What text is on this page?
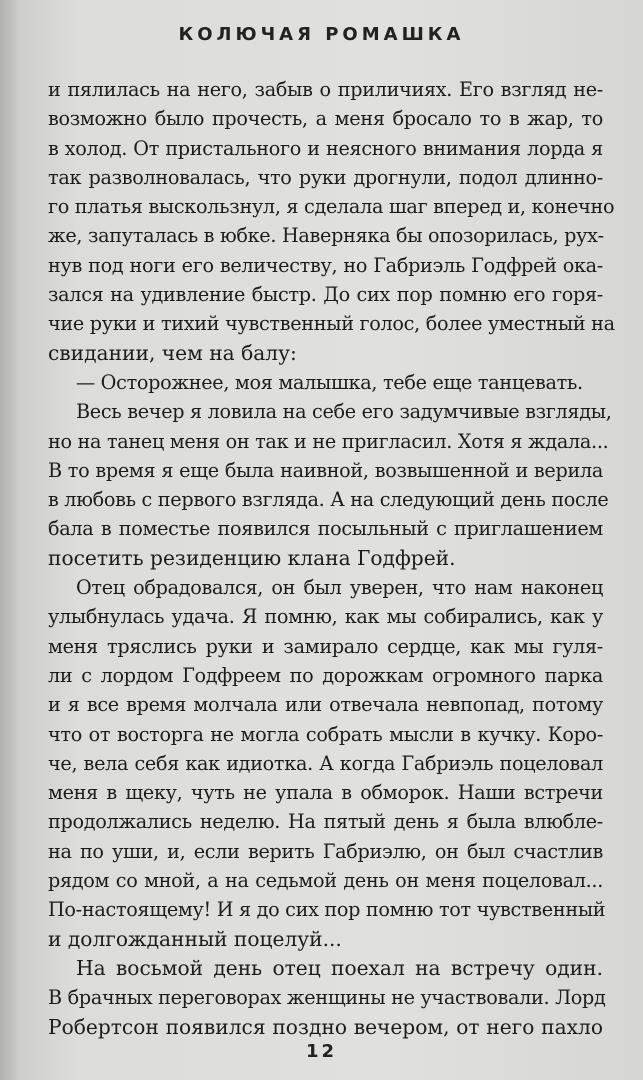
КОЛЮЧАЯ РОМАШКА
и пялилась на него, забыв о приличиях. Его взгляд не-
возможно было прочесть, а меня бросало то в жар, то
в холод. От пристального и неясного внимания лорда я
так разволновалась, что руки дрогнули, подол длинно-
го платья выскользнул, я сделала шаг вперед и, конечно
же, запуталась в юбке. Наверняка бы опозорилась, рух-
нув под ноги его величеству, но Габриэль Годфрей ока-
зался на удивление быстр. До сих пор помню его горя-
чие руки и тихий чувственный голос, более уместный на
свидании, чем на балу:
— Осторожнее, моя малышка, тебе еще танцевать.
Весь вечер я ловила на себе его задумчивые взгляды,
но на танец меня он так и не пригласил. Хотя я ждала...
В то время я еще была наивной, возвышенной и верила
в любовь с первого взгляда. А на следующий день после
бала в поместье появился посыльный с приглашением
посетить резиденцию клана Годфрей.
Отец обрадовался, он был уверен, что нам наконец
улыбнулась удача. Я помню, как мы собирались, как у
меня тряслись руки и замирало сердце, как мы гуля-
ли с лордом Годфреем по дорожкам огромного парка
и я все время молчала или отвечала невпопад, потому
что от восторга не могла собрать мысли в кучку. Коро-
че, вела себя как идиотка. А когда Габриэль поцеловал
меня в щеку, чуть не упала в обморок. Наши встречи
продолжались неделю. На пятый день я была влюбле-
на по уши, и, если верить Габриэлю, он был счастлив
рядом со мной, а на седьмой день он меня поцеловал...
По-настоящему! И я до сих пор помню тот чувственный
и долгожданный поцелуй...
На восьмой день отец поехал на встречу один.
В брачных переговорах женщины не участвовали. Лорд
Робертсон появился поздно вечером, от него пахло
12
